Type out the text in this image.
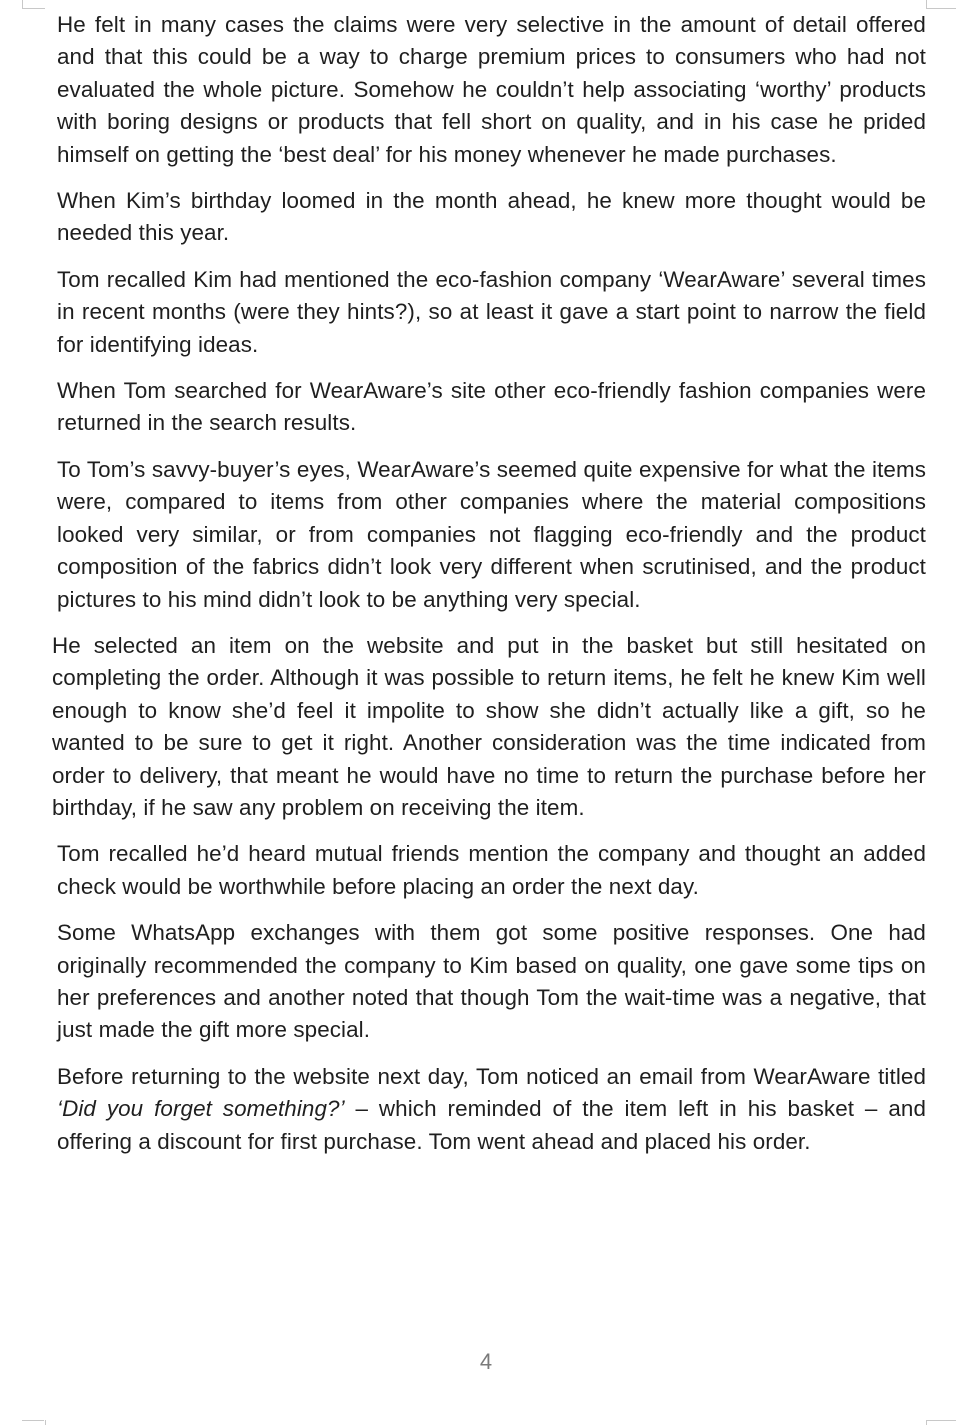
He felt in many cases the claims were very selective in the amount of detail offered and that this could be a way to charge premium prices to consumers who had not evaluated the whole picture. Somehow he couldn’t help associating ‘worthy’ products with boring designs or products that fell short on quality, and in his case he prided himself on getting the ‘best deal’ for his money whenever he made purchases.

When Kim’s birthday loomed in the month ahead, he knew more thought would be needed this year.

Tom recalled Kim had mentioned the eco-fashion company ‘WearAware’ several times in recent months (were they hints?), so at least it gave a start point to narrow the field for identifying ideas.

When Tom searched for WearAware’s site other eco-friendly fashion companies were returned in the search results.

To Tom’s savvy-buyer’s eyes, WearAware’s seemed quite expensive for what the items were, compared to items from other companies where the material compositions looked very similar, or from companies not flagging eco-friendly and the product composition of the fabrics didn’t look very different when scrutinised, and the product pictures to his mind didn’t look to be anything very special.

He selected an item on the website and put in the basket but still hesitated on completing the order. Although it was possible to return items, he felt he knew Kim well enough to know she’d feel it impolite to show she didn’t actually like a gift, so he wanted to be sure to get it right. Another consideration was the time indicated from order to delivery, that meant he would have no time to return the purchase before her birthday, if he saw any problem on receiving the item.

Tom recalled he’d heard mutual friends mention the company and thought an added check would be worthwhile before placing an order the next day.

Some WhatsApp exchanges with them got some positive responses. One had originally recommended the company to Kim based on quality, one gave some tips on her preferences and another noted that though Tom the wait-time was a negative, that just made the gift more special.

Before returning to the website next day, Tom noticed an email from WearAware titled ‘Did you forget something?’ – which reminded of the item left in his basket – and offering a discount for first purchase. Tom went ahead and placed his order.

4
